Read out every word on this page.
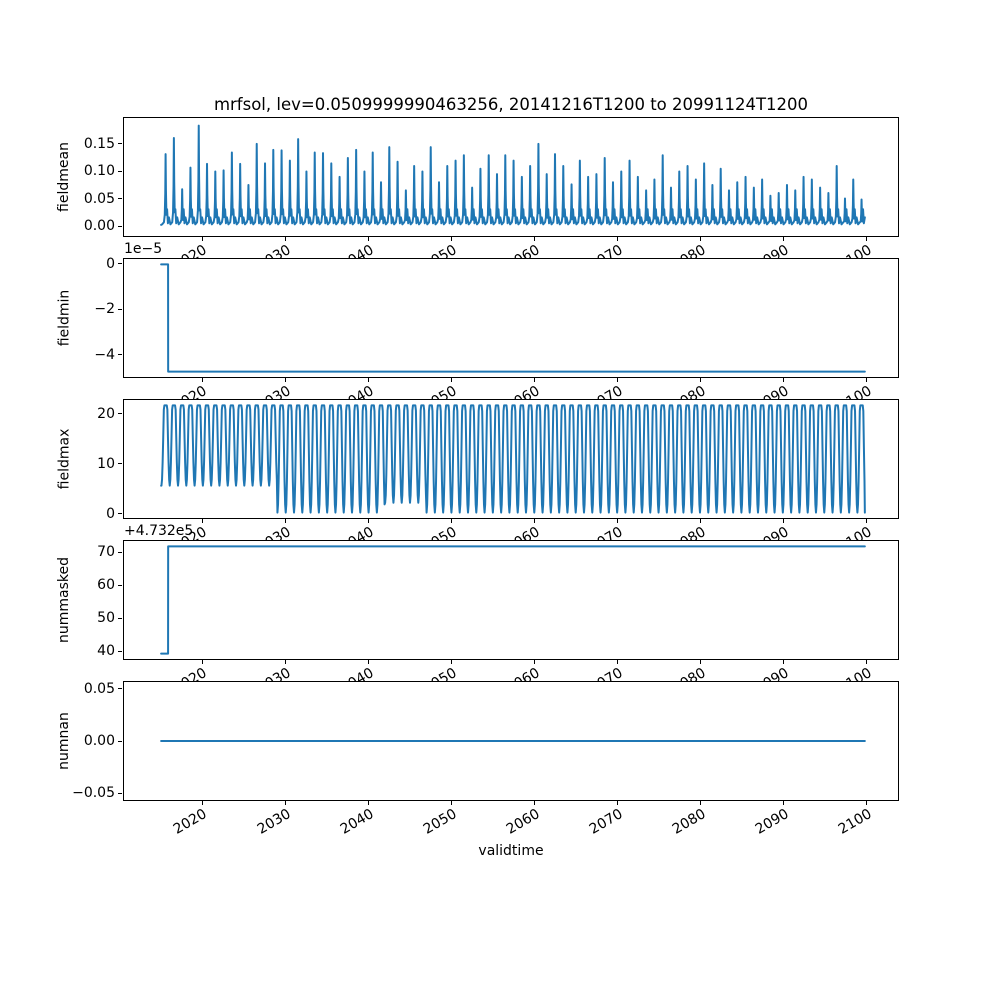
mrfsol, lev=0.0509999990463256, 20141216T1200 to 20991124T1200
fieldmean
0.00
0.05
0.10
0.15
fieldmin
1e−5
0
−2
−4
fieldmax
0
10
20
nummasked
+4.732e5
40
50
60
70
numnan
−0.05
0.00
0.05
2020	2030	2040	2050	2060	2070	2080	2090	2100
validtime
